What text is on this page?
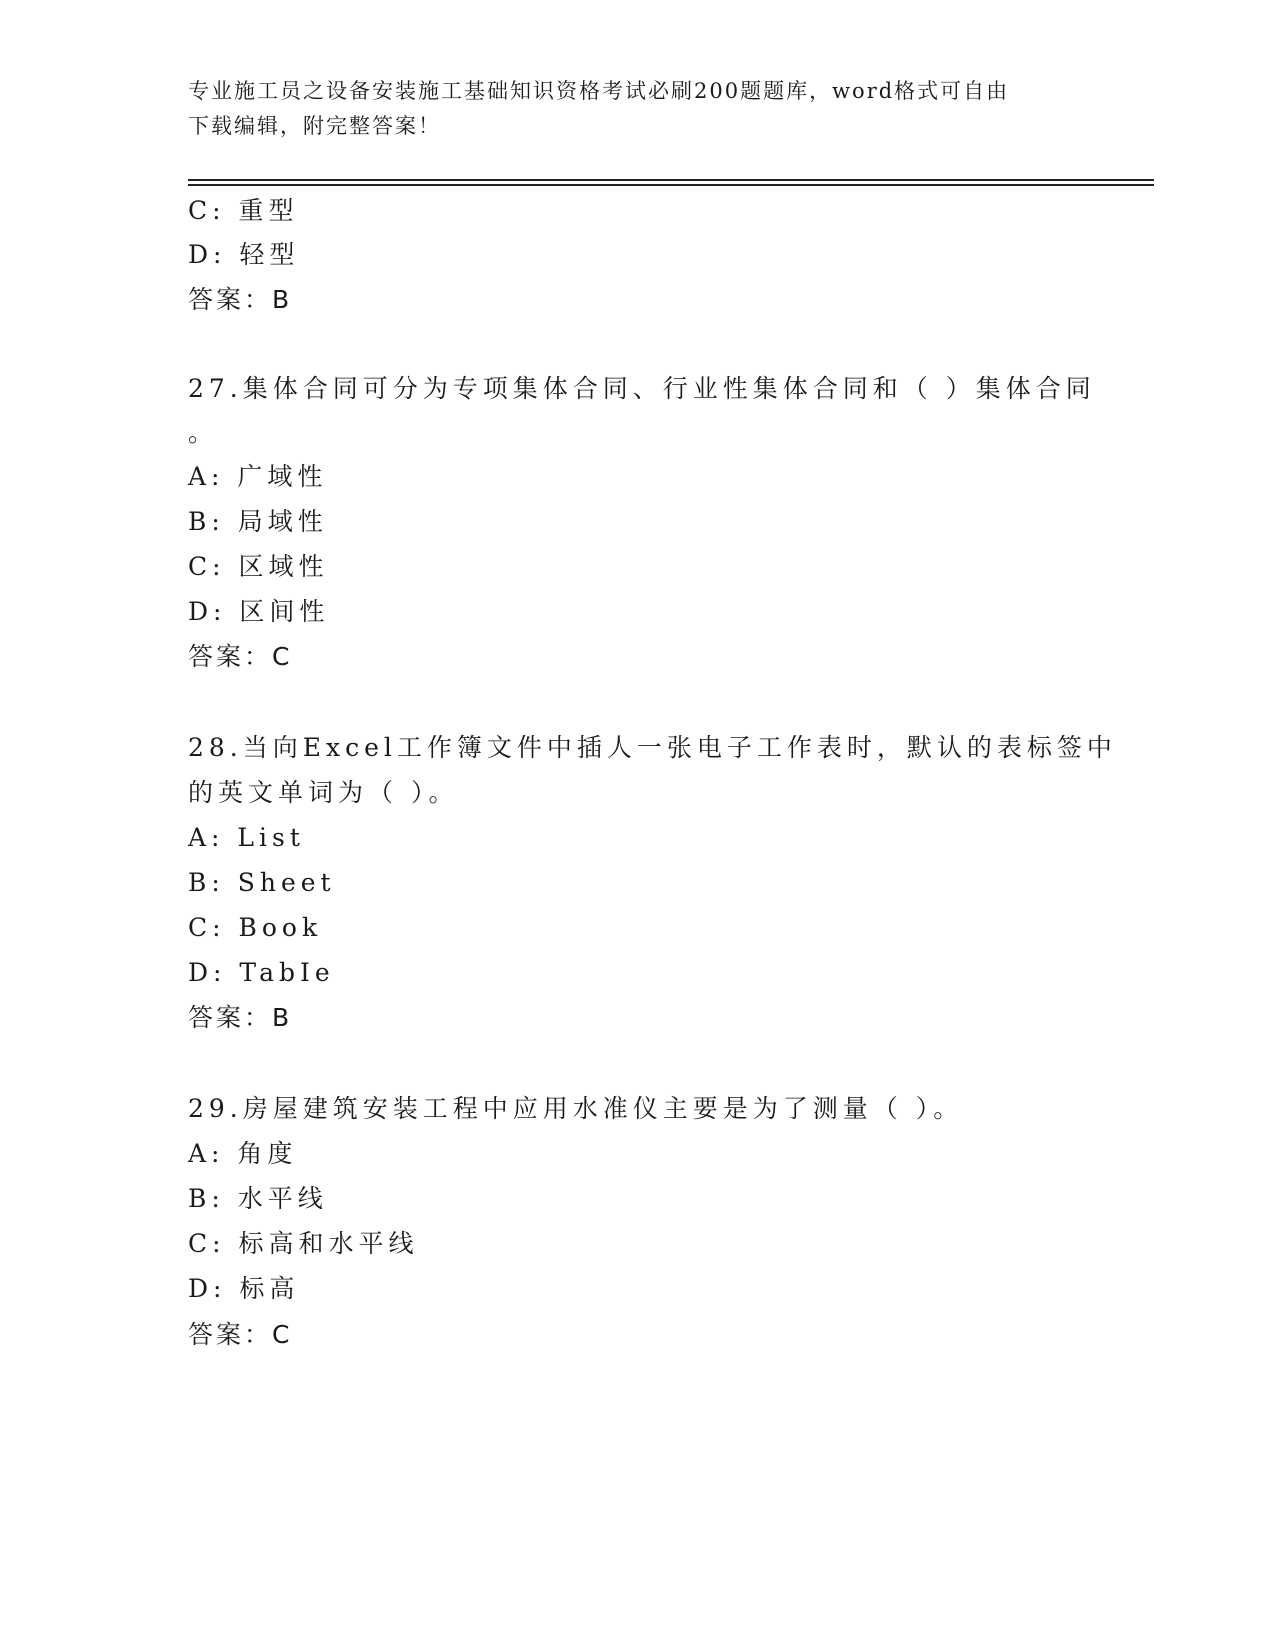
专业施工员之设备安装施工基础知识资格考试必刷200题题库，word格式可自由
下载编辑，附完整答案！
C: 重型
D: 轻型
答案：B
27.集体合同可分为专项集体合同、行业性集体合同和（ ）集体合同
。
A: 广域性
B: 局域性
C: 区域性
D: 区间性
答案：C
28.当向Excel工作簿文件中插人一张电子工作表时，默认的表标签中
的英文单词为（ ）。
A: List
B: Sheet
C: Book
D: TabIe
答案：B
29.房屋建筑安装工程中应用水准仪主要是为了测量（ ）。
A: 角度
B: 水平线
C: 标高和水平线
D: 标高
答案：C
